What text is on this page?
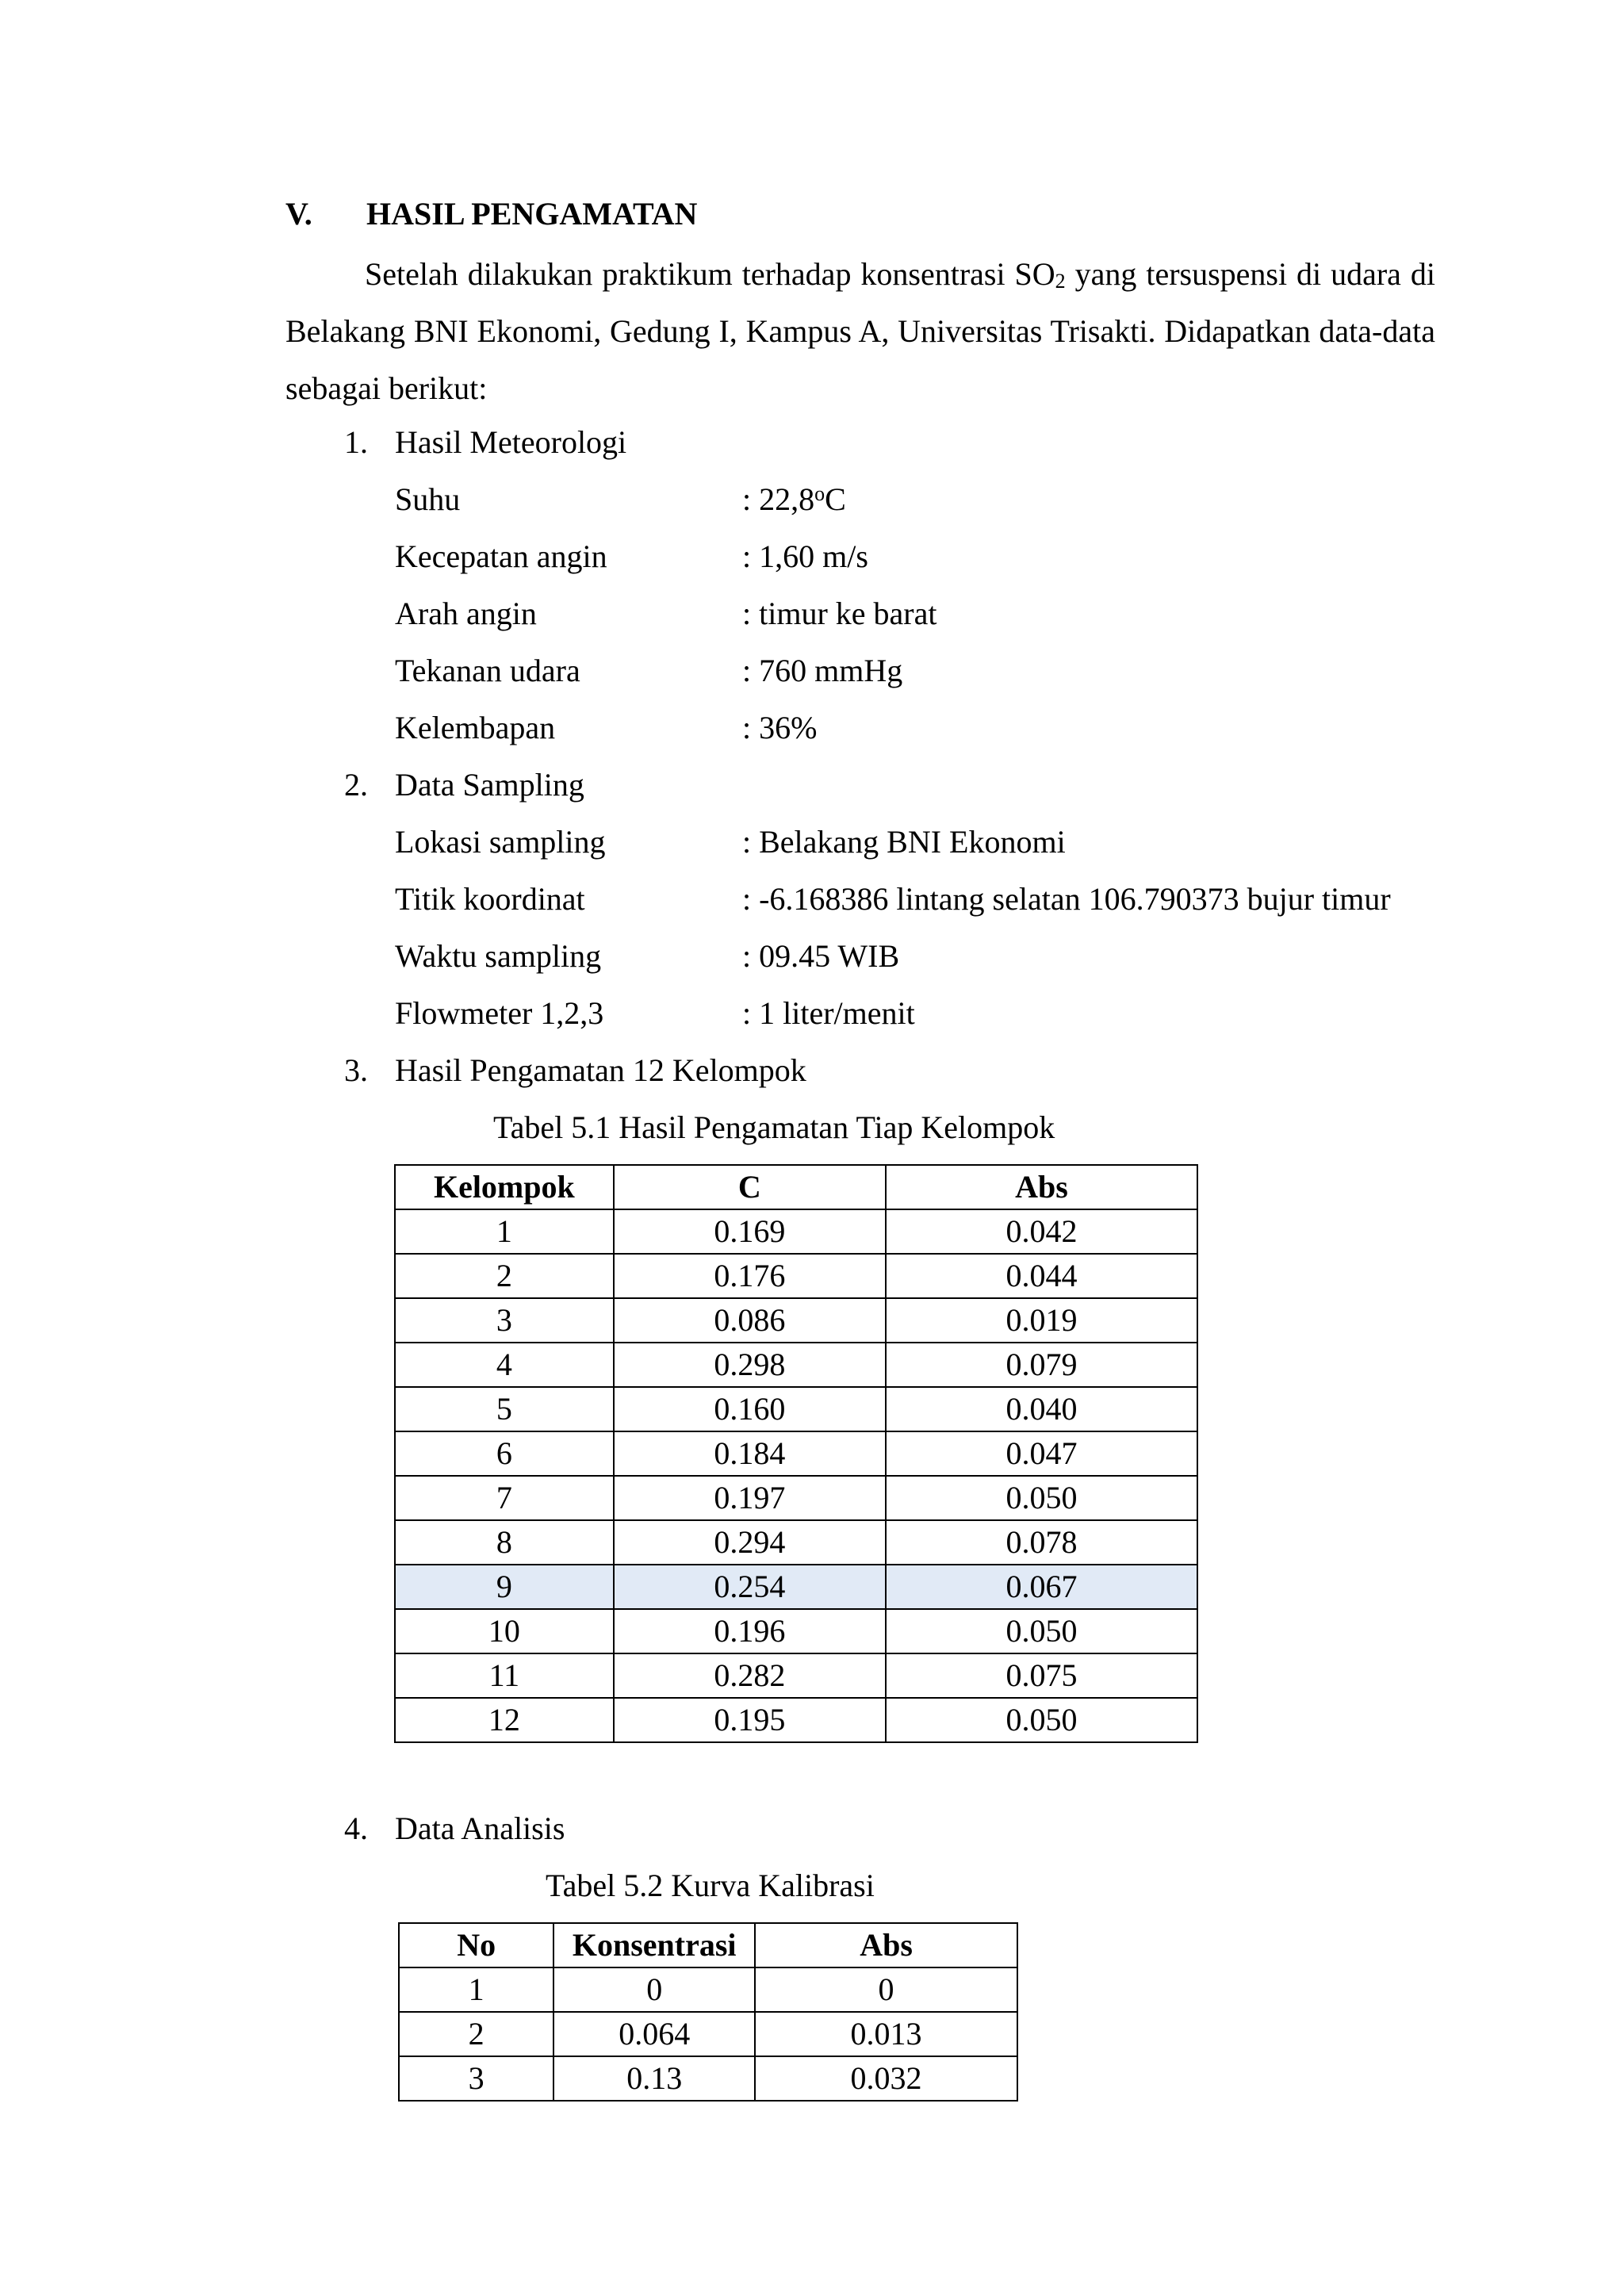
V. HASIL PENGAMATAN
Setelah dilakukan praktikum terhadap konsentrasi $SO_2$ yang tersuspensi di udara di Belakang BNI Ekonomi, Gedung I, Kampus A, Universitas Trisakti. Didapatkan data-data sebagai berikut:
1. Hasil Meteorologi
Suhu	: 22,8$^o$C
Kecepatan angin	: 1,60 m/s
Arah angin	: timur ke barat
Tekanan udara	: 760 mmHg
Kelembapan	: 36%
2. Data Sampling
Lokasi sampling	: Belakang BNI Ekonomi
Titik koordinat	: -6.168386 lintang selatan 106.790373 bujur timur
Waktu sampling	: 09.45 WIB
Flowmeter 1,2,3	: 1 liter/menit
3. Hasil Pengamatan 12 Kelompok
Tabel 5.1 Hasil Pengamatan Tiap Kelompok
Kelompok	C	Abs
1	0.169	0.042
2	0.176	0.044
3	0.086	0.019
4	0.298	0.079
5	0.160	0.040
6	0.184	0.047
7	0.197	0.050
8	0.294	0.078
9	0.254	0.067
10	0.196	0.050
11	0.282	0.075
12	0.195	0.050
4. Data Analisis
Tabel 5.2 Kurva Kalibrasi
No	Konsentrasi	Abs
1	0	0
2	0.064	0.013
3	0.13	0.032
